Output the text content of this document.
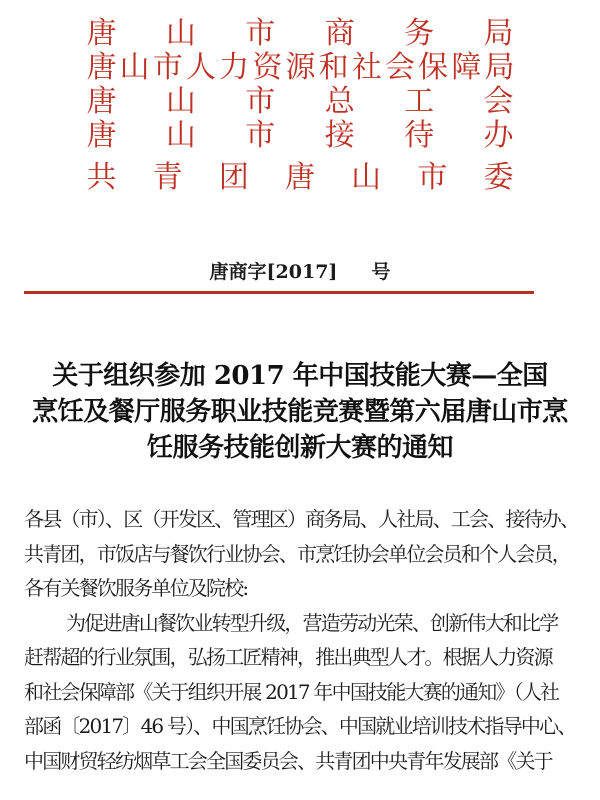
唐山市商务局
唐山市人力资源和社会保障局
唐山市总工会
唐山市接待办
共青团唐山市委
唐商字[2017] 号
关于组织参加 2017 年中国技能大赛—全国
烹饪及餐厅服务职业技能竞赛暨第六届唐山市烹
饪服务技能创新大赛的通知
各县（市）、区（开发区、管理区）商务局、人社局、工会、接待办、
共青团，市饭店与餐饮行业协会、市烹饪协会单位会员和个人会员，
各有关餐饮服务单位及院校:
为促进唐山餐饮业转型升级，营造劳动光荣、创新伟大和比学
赶帮超的行业氛围，弘扬工匠精神，推出典型人才。根据人力资源
和社会保障部《关于组织开展 2017 年中国技能大赛的通知》（人社
部函〔2017〕46 号）、中国烹饪协会、中国就业培训技术指导中心、
中国财贸轻纺烟草工会全国委员会、共青团中央青年发展部《关于
